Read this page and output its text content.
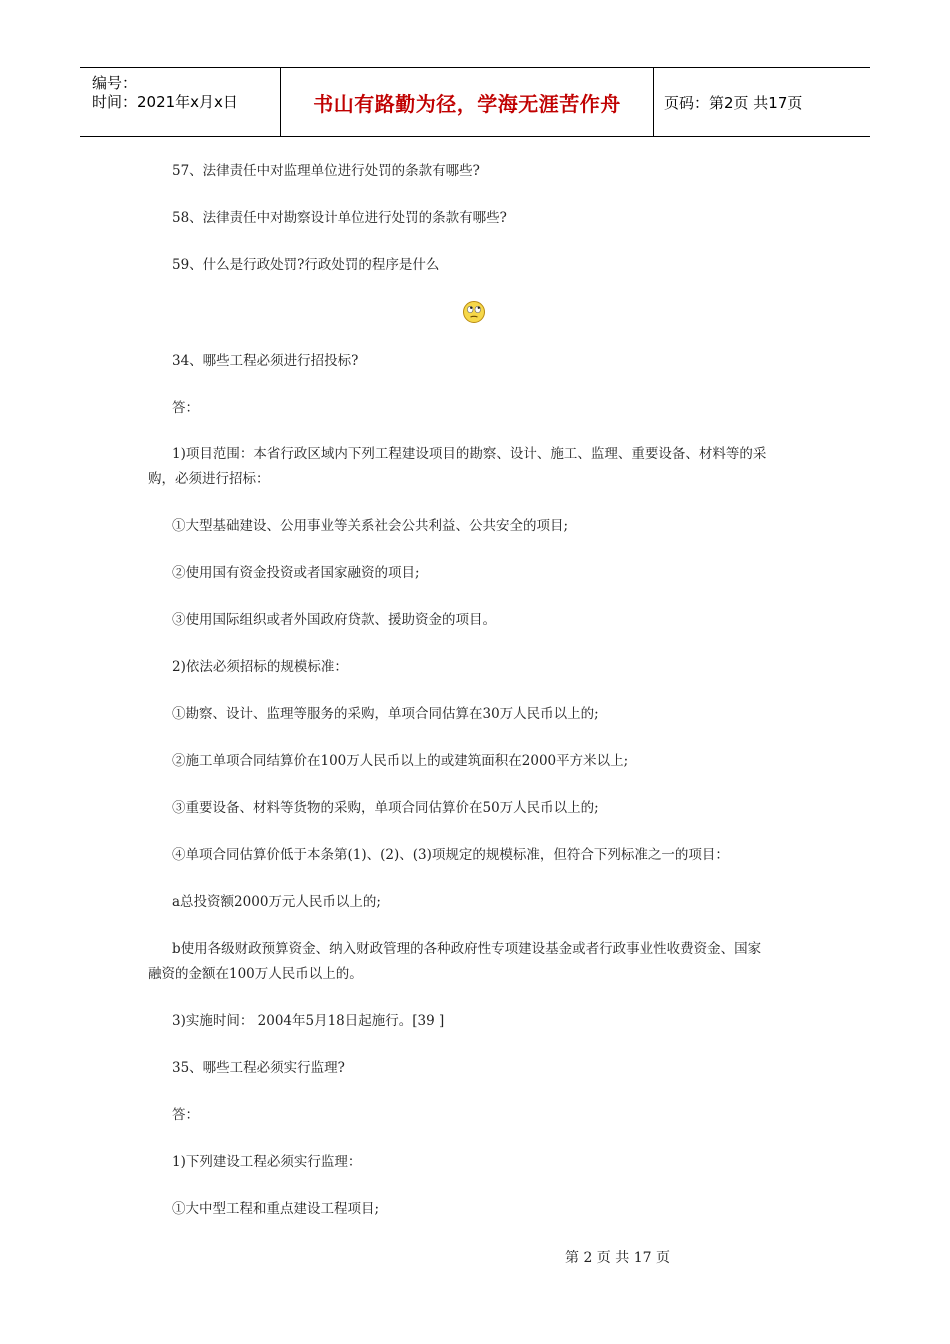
编号：
时间：2021年x月x日	书山有路勤为径，学海无涯苦作舟	页码：第2页 共17页
57、法律责任中对监理单位进行处罚的条款有哪些?
58、法律责任中对勘察设计单位进行处罚的条款有哪些?
59、什么是行政处罚?行政处罚的程序是什么
34、哪些工程必须进行招投标?
答：
1)项目范围：本省行政区域内下列工程建设项目的勘察、设计、施工、监理、重要设备、材料等的采
购，必须进行招标：
①大型基础建设、公用事业等关系社会公共利益、公共安全的项目;
②使用国有资金投资或者国家融资的项目;
③使用国际组织或者外国政府贷款、援助资金的项目。
2)依法必须招标的规模标准：
①勘察、设计、监理等服务的采购，单项合同估算在30万人民币以上的;
②施工单项合同结算价在100万人民币以上的或建筑面积在2000平方米以上;
③重要设备、材料等货物的采购，单项合同估算价在50万人民币以上的;
④单项合同估算价低于本条第(1)、(2)、(3)项规定的规模标准，但符合下列标准之一的项目：
a总投资额2000万元人民币以上的;
b使用各级财政预算资金、纳入财政管理的各种政府性专项建设基金或者行政事业性收费资金、国家
融资的金额在100万人民币以上的。
3)实施时间： 2004年5月18日起施行。[39 ]
35、哪些工程必须实行监理?
答：
1)下列建设工程必须实行监理：
①大中型工程和重点建设工程项目;
第 2 页 共 17 页
